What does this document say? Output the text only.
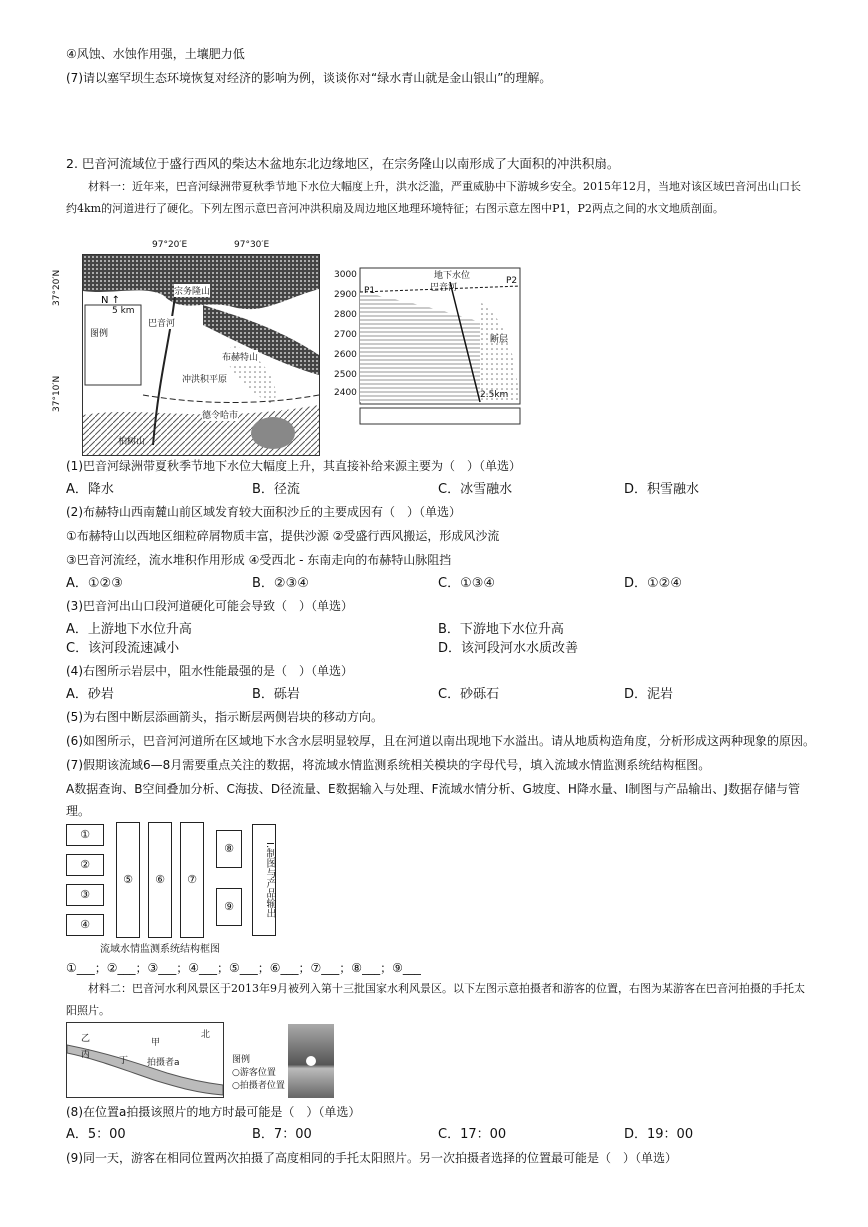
④风蚀、水蚀作用强，土壤肥力低
(7)请以塞罕坝生态环境恢复对经济的影响为例，谈谈你对“绿水青山就是金山银山”的理解。
2. 巴音河流域位于盛行西风的柴达木盆地东北边缘地区，在宗务隆山以南形成了大面积的冲洪积扇。
材料一：近年来，巴音河绿洲带夏秋季节地下水位大幅度上升，洪水泛滥，严重威胁中下游城乡安全。2015年12月，当地对该区域巴音河出山口长约4km的河道进行了硬化。下列左图示意巴音河冲洪积扇及周边地区地理环境特征；右图示意左图中P1，P2两点之间的水文地质剖面。
97°20′E	97°30′E
N ↑
宗务隆山
巴音河
布赫特山
冲洪积平原
德令哈市
柏树山
5 km
图例
37°20′N
37°10′N
3000
2900
2800
2700
2600
2500
2400
P1
P2
地下水位
巴音河
断层
2.5km
(1)巴音河绿洲带夏秋季节地下水位大幅度上升，其直接补给来源主要为（　）（单选）
A．降水	B．径流	C．冰雪融水	D．积雪融水
(2)布赫特山西南麓山前区域发育较大面积沙丘的主要成因有（　）（单选）
①布赫特山以西地区细粒碎屑物质丰富，提供沙源 ②受盛行西风搬运，形成风沙流
③巴音河流经，流水堆积作用形成 ④受西北 - 东南走向的布赫特山脉阻挡
A．①②③	B．②③④	C．①③④	D．①②④
(3)巴音河出山口段河道硬化可能会导致（　）（单选）
A．上游地下水位升高	B．下游地下水位升高
C．该河段流速减小	D．该河段河水水质改善
(4)右图所示岩层中，阻水性能最强的是（　）（单选）
A．砂岩	B．砾岩	C．砂砾石	D．泥岩
(5)为右图中断层添画箭头，指示断层两侧岩块的移动方向。
(6)如图所示，巴音河河道所在区域地下水含水层明显较厚，且在河道以南出现地下水溢出。请从地质构造角度，分析形成这两种现象的原因。
(7)假期该流域6—8月需要重点关注的数据，将流域水情监测系统相关模块的字母代号，填入流域水情监测系统结构框图。
A数据查询、B空间叠加分析、C海拔、D径流量、E数据输入与处理、F流域水情分析、G坡度、H降水量、I制图与产品输出、J数据存储与管
理。
①
②
③
④
⑤	⑥	⑦
⑧
⑨	I.制图与产品输出
流域水情监测系统结构框图
①___；②___；③___；④___；⑤___；⑥___；⑦___；⑧___；⑨___
材料二：巴音河水利风景区于2013年9月被列入第十三批国家水利风景区。以下左图示意拍摄者和游客的位置，右图为某游客在巴音河拍摄的手托太阳照片。
甲
乙
丙
丁 拍摄者a
北
图例
○游客位置
○拍摄者位置
(8)在位置a拍摄该照片的地方时最可能是（　）（单选）
A．5：00	B．7：00	C．17：00	D．19：00
(9)同一天，游客在相同位置两次拍摄了高度相同的手托太阳照片。另一次拍摄者选择的位置最可能是（　）（单选）
